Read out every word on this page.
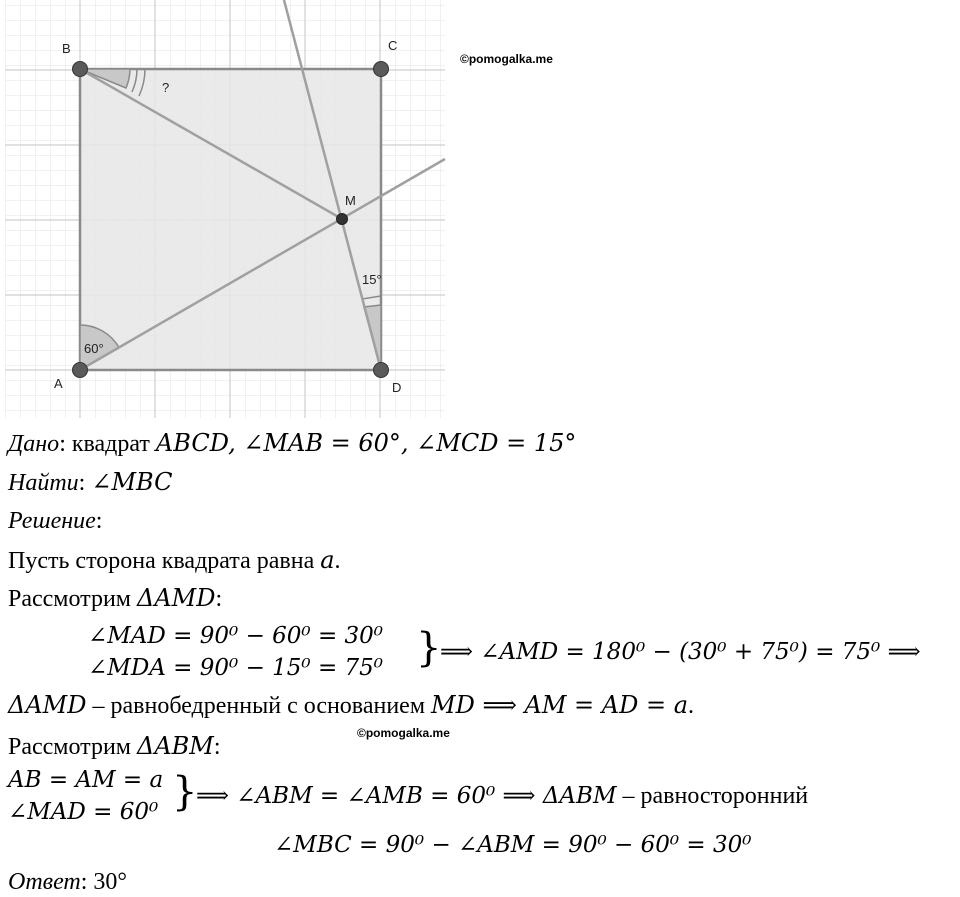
B	C
A	D
M
?
60°
15°
©pomogalka.me
Дано: квадрат ABCD, ∠MAB = 60°, ∠MCD = 15°
Найти: ∠MBC
Решение:
Пусть сторона квадрата равна a.
Рассмотрим ΔAMD:
∠MAD = 90⁰ − 60⁰ = 30⁰
∠MDA = 90⁰ − 15⁰ = 75⁰ }
⟹ ∠AMD = 180⁰ − (30⁰ + 75⁰) = 75⁰ ⟹
ΔAMD – равнобедренный с основанием MD ⟹ AM = AD = a.
©pomogalka.me
Рассмотрим ΔABM:
AB = AM = a
∠MAD = 60⁰ }
⟹ ∠ABM = ∠AMB = 60⁰ ⟹ ΔABM – равносторонний
∠MBC = 90⁰ − ∠ABM = 90⁰ − 60⁰ = 30⁰
Ответ: 30°
